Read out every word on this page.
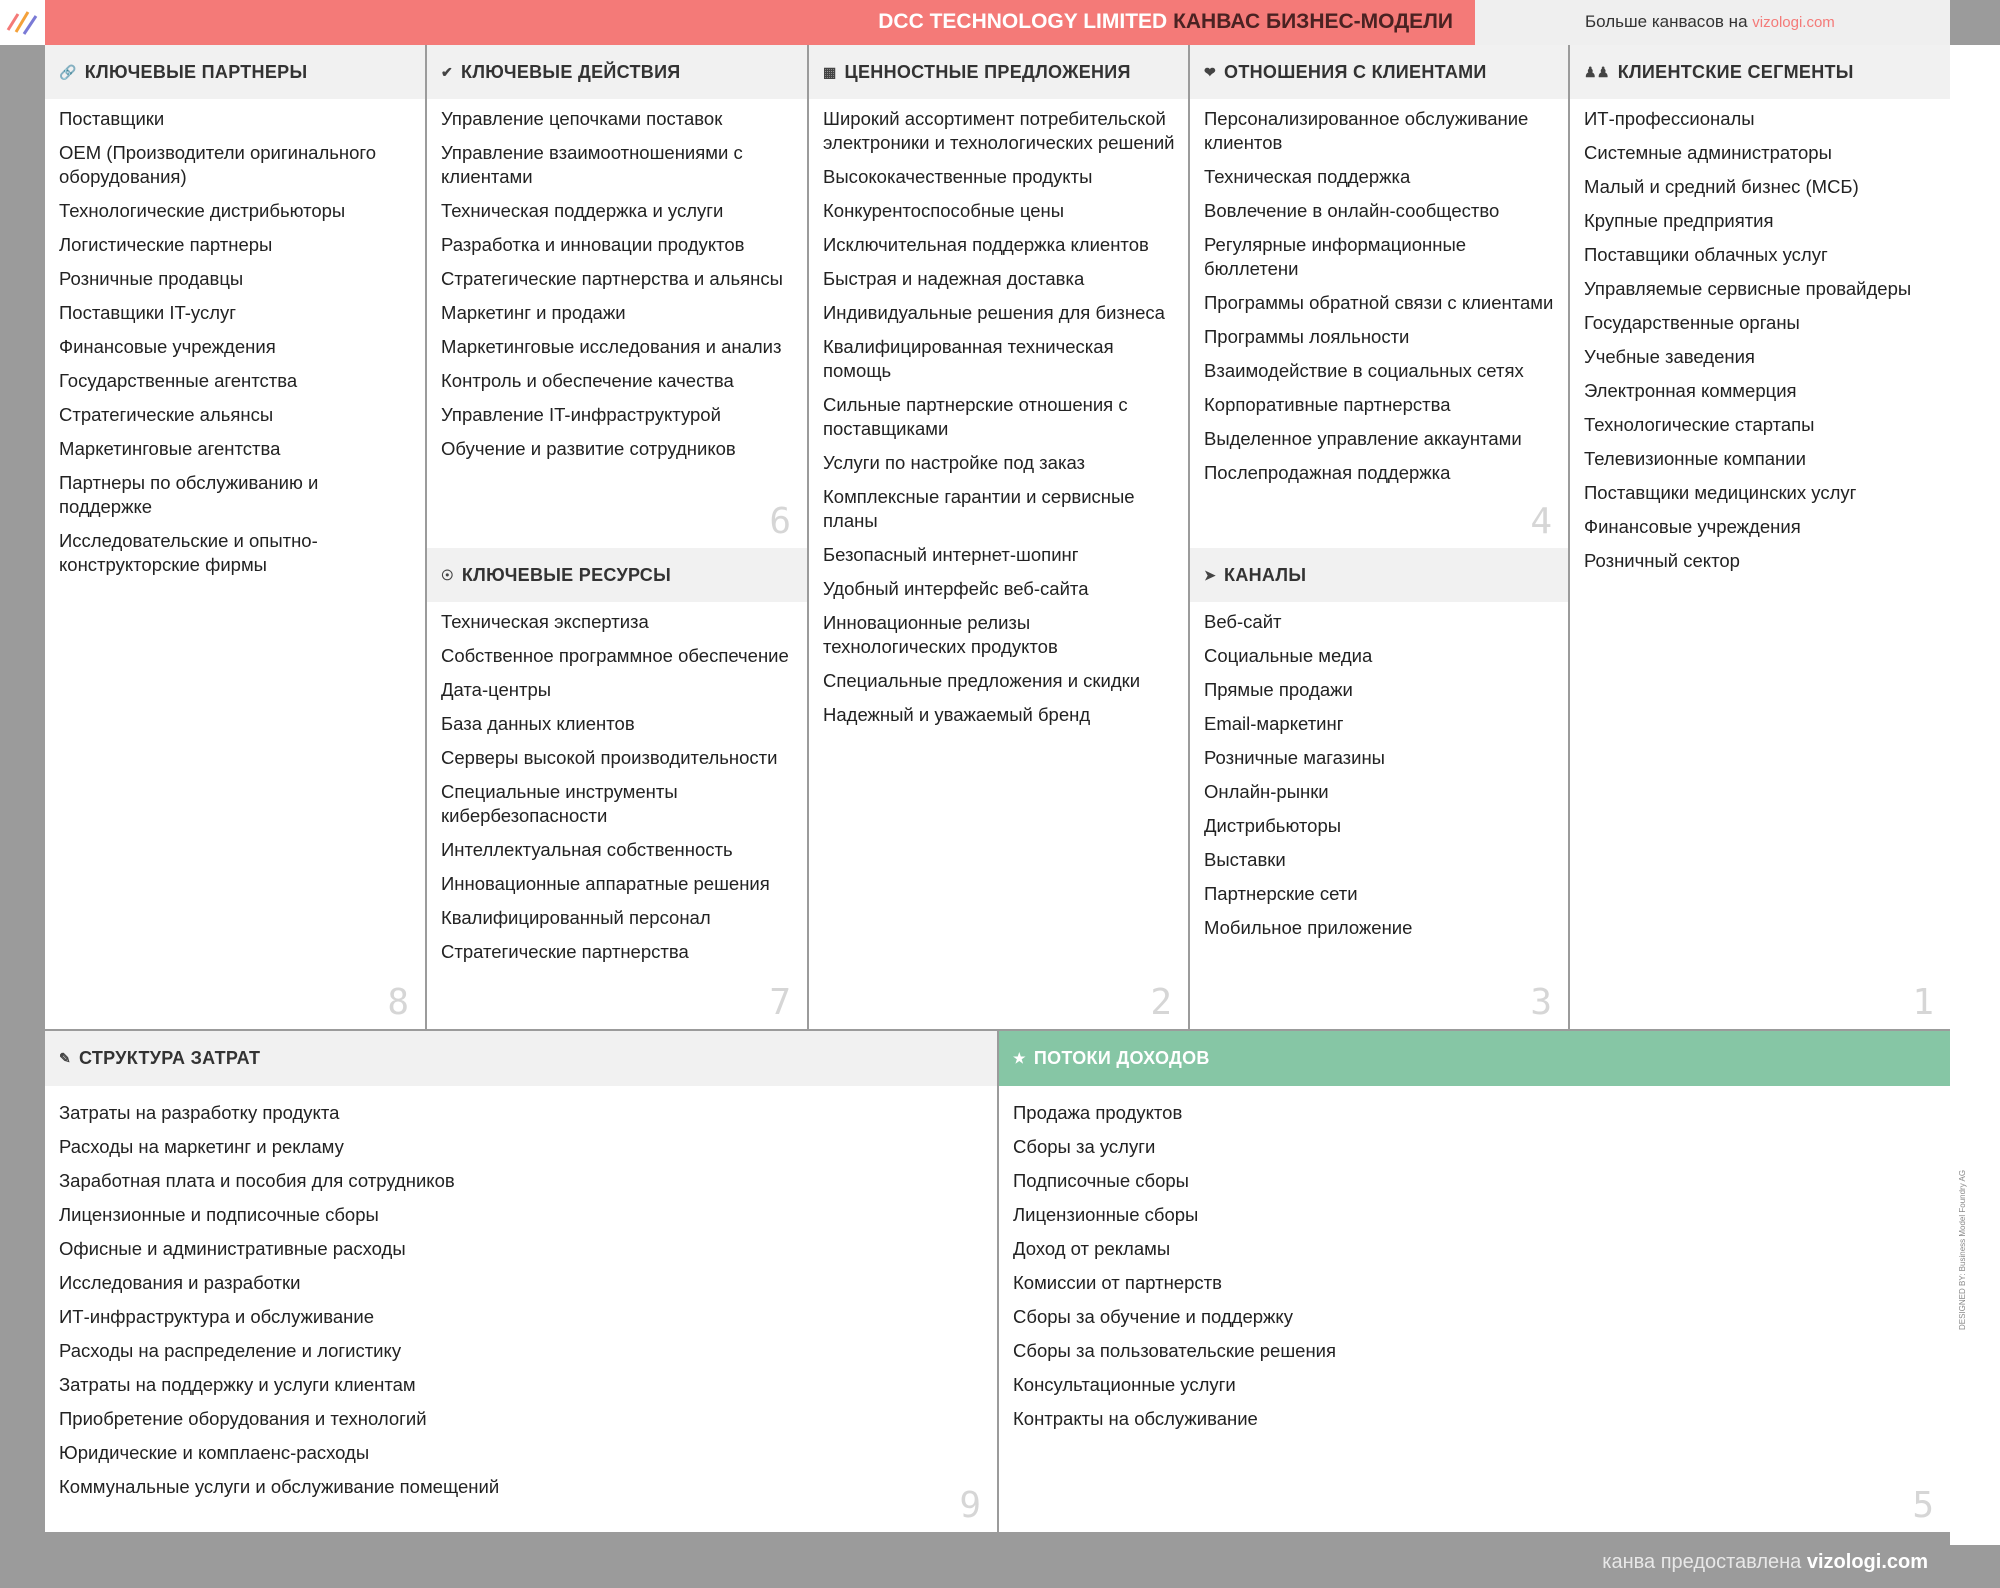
DCC TECHNOLOGY LIMITED КАНВАС БИЗНЕС-МОДЕЛИ	Больше канвасов на vizologi.com
DESIGNED BY: Business Model Foundry AG
🔗 КЛЮЧЕВЫЕ ПАРТНЕРЫ
Поставщики
OEM (Производители оригинального оборудования)
Технологические дистрибьюторы
Логистические партнеры
Розничные продавцы
Поставщики IT-услуг
Финансовые учреждения
Государственные агентства
Стратегические альянсы
Маркетинговые агентства
Партнеры по обслуживанию и поддержке
Исследовательские и опытно-конструкторские фирмы
8
✔ КЛЮЧЕВЫЕ ДЕЙСТВИЯ
Управление цепочками поставок
Управление взаимоотношениями с клиентами
Техническая поддержка и услуги
Разработка и инновации продуктов
Стратегические партнерства и альянсы
Маркетинг и продажи
Маркетинговые исследования и анализ
Контроль и обеспечение качества
Управление IT-инфраструктурой
Обучение и развитие сотрудников
6
☉ КЛЮЧЕВЫЕ РЕСУРСЫ
Техническая экспертиза
Собственное программное обеспечение
Дата-центры
База данных клиентов
Серверы высокой производительности
Специальные инструменты кибербезопасности
Интеллектуальная собственность
Инновационные аппаратные решения
Квалифицированный персонал
Стратегические партнерства
7
▦ ЦЕННОСТНЫЕ ПРЕДЛОЖЕНИЯ
Широкий ассортимент потребительской электроники и технологических решений
Высококачественные продукты
Конкурентоспособные цены
Исключительная поддержка клиентов
Быстрая и надежная доставка
Индивидуальные решения для бизнеса
Квалифицированная техническая помощь
Сильные партнерские отношения с поставщиками
Услуги по настройке под заказ
Комплексные гарантии и сервисные планы
Безопасный интернет-шопинг
Удобный интерфейс веб-сайта
Инновационные релизы технологических продуктов
Специальные предложения и скидки
Надежный и уважаемый бренд
2
❤ ОТНОШЕНИЯ С КЛИЕНТАМИ
Персонализированное обслуживание клиентов
Техническая поддержка
Вовлечение в онлайн-сообщество
Регулярные информационные бюллетени
Программы обратной связи с клиентами
Программы лояльности
Взаимодействие в социальных сетях
Корпоративные партнерства
Выделенное управление аккаунтами
Послепродажная поддержка
4
➤ КАНАЛЫ
Веб-сайт
Социальные медиа
Прямые продажи
Email-маркетинг
Розничные магазины
Онлайн-рынки
Дистрибьюторы
Выставки
Партнерские сети
Мобильное приложение
3
♟♟ КЛИЕНТСКИЕ СЕГМЕНТЫ
ИТ-профессионалы
Системные администраторы
Малый и средний бизнес (МСБ)
Крупные предприятия
Поставщики облачных услуг
Управляемые сервисные провайдеры
Государственные органы
Учебные заведения
Электронная коммерция
Технологические стартапы
Телевизионные компании
Поставщики медицинских услуг
Финансовые учреждения
Розничный сектор
1
✎ СТРУКТУРА ЗАТРАТ
Затраты на разработку продукта
Расходы на маркетинг и рекламу
Заработная плата и пособия для сотрудников
Лицензионные и подписочные сборы
Офисные и административные расходы
Исследования и разработки
ИТ-инфраструктура и обслуживание
Расходы на распределение и логистику
Затраты на поддержку и услуги клиентам
Приобретение оборудования и технологий
Юридические и комплаенс-расходы
Коммунальные услуги и обслуживание помещений	9
★ ПОТОКИ ДОХОДОВ
Продажа продуктов
Сборы за услуги
Подписочные сборы
Лицензионные сборы
Доход от рекламы
Комиссии от партнерств
Сборы за обучение и поддержку
Сборы за пользовательские решения
Консультационные услуги
Контракты на обслуживание
5
канва предоставлена vizologi.com
